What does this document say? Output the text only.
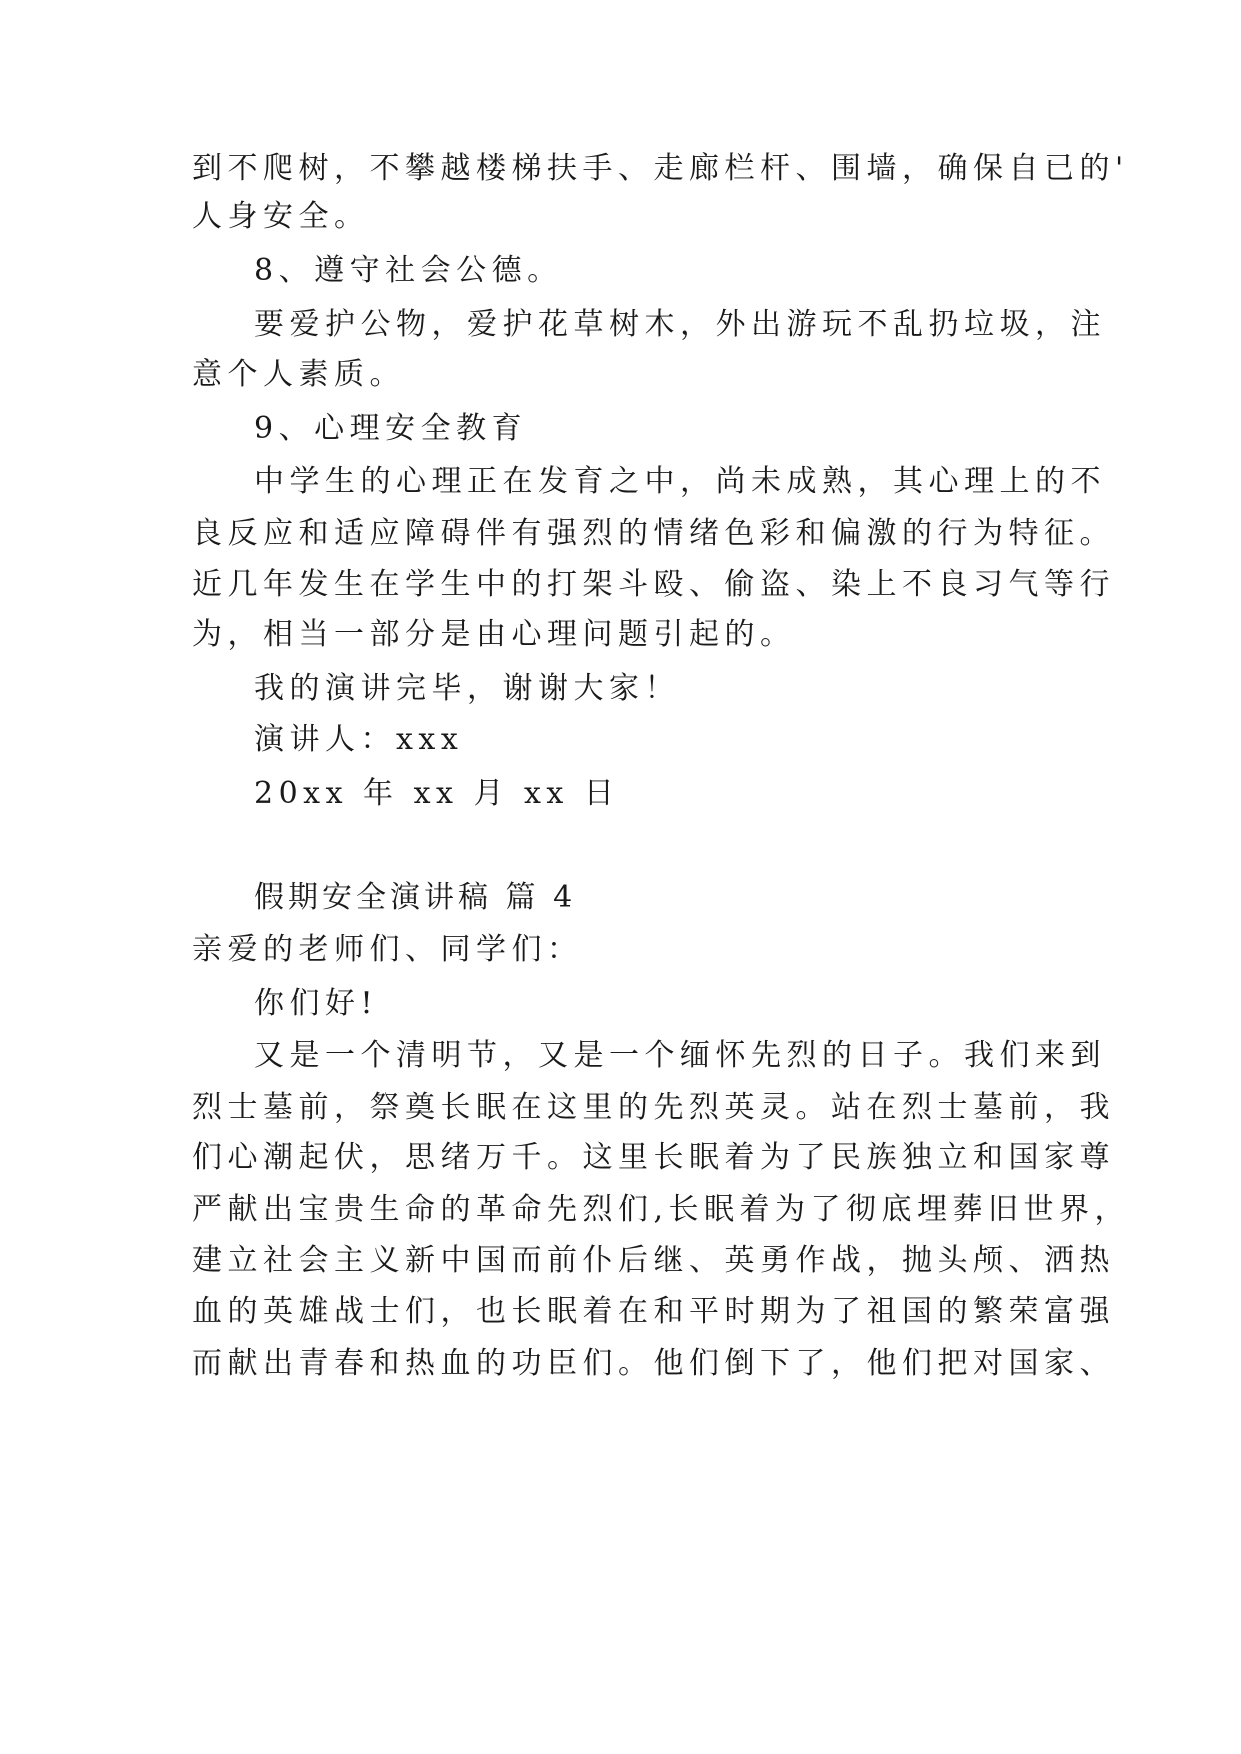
到不爬树，不攀越楼梯扶手、走廊栏杆、围墙，确保自已的'
人身安全。
8、遵守社会公德。
要爱护公物，爱护花草树木，外出游玩不乱扔垃圾，注
意个人素质。
9、心理安全教育
中学生的心理正在发育之中，尚未成熟，其心理上的不
良反应和适应障碍伴有强烈的情绪色彩和偏激的行为特征。
近几年发生在学生中的打架斗殴、偷盗、染上不良习气等行
为，相当一部分是由心理问题引起的。
我的演讲完毕，谢谢大家！
演讲人：xxx
20xx 年 xx 月 xx 日
假期安全演讲稿 篇 4
亲爱的老师们、同学们：
你们好!
又是一个清明节，又是一个缅怀先烈的日子。我们来到
烈士墓前，祭奠长眠在这里的先烈英灵。站在烈士墓前，我
们心潮起伏，思绪万千。这里长眠着为了民族独立和国家尊
严献出宝贵生命的革命先烈们,长眠着为了彻底埋葬旧世界，
建立社会主义新中国而前仆后继、英勇作战，抛头颅、洒热
血的英雄战士们，也长眠着在和平时期为了祖国的繁荣富强
而献出青春和热血的功臣们。他们倒下了，他们把对国家、
